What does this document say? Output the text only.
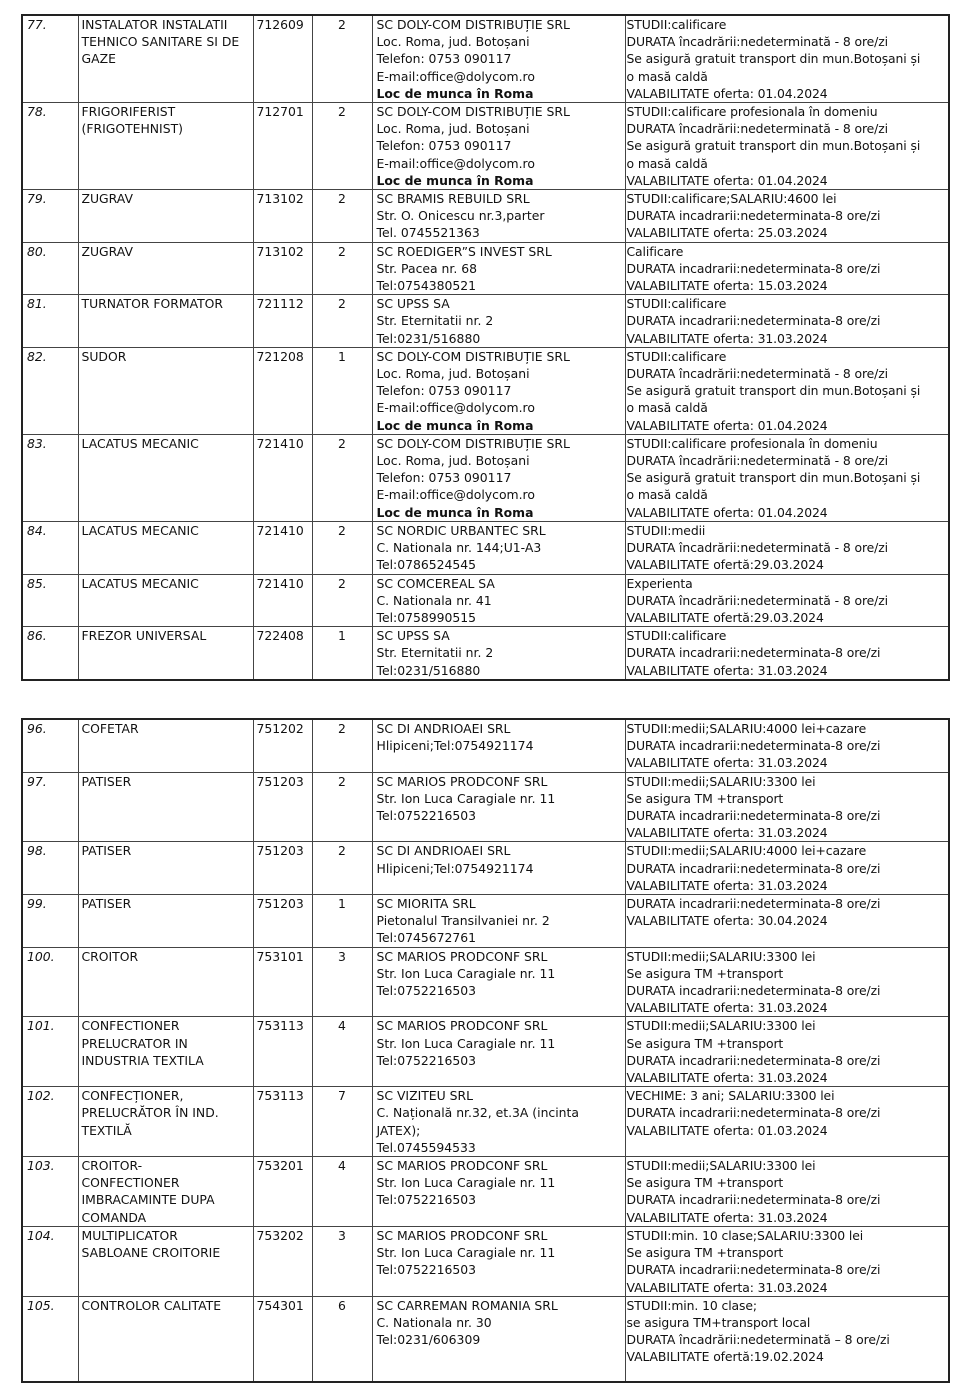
77.	INSTALATOR INSTALATII
TEHNICO SANITARE SI DE
GAZE	712609	2	SC DOLY-COM DISTRIBUȚIE SRL
Loc. Roma, jud. Botoșani
Telefon: 0753 090117
E-mail:office@dolycom.ro
Loc de munca în Roma	STUDII:calificare
DURATA încadrării:nedeterminată - 8 ore/zi
Se asigură gratuit transport din mun.Botoșani și
o masă caldă
VALABILITATE oferta: 01.04.2024

78.	FRIGORIFERIST
(FRIGOTEHNIST)	712701	2	SC DOLY-COM DISTRIBUȚIE SRL
Loc. Roma, jud. Botoșani
Telefon: 0753 090117
E-mail:office@dolycom.ro
Loc de munca în Roma	STUDII:calificare profesionala în domeniu
DURATA încadrării:nedeterminată - 8 ore/zi
Se asigură gratuit transport din mun.Botoșani și
o masă caldă
VALABILITATE oferta: 01.04.2024

79.	ZUGRAV	713102	2	SC BRAMIS REBUILD SRL
Str. O. Onicescu nr.3,parter
Tel. 0745521363	STUDII:calificare;SALARIU:4600 lei
DURATA incadrarii:nedeterminata-8 ore/zi
VALABILITATE oferta: 25.03.2024

80.	ZUGRAV	713102	2	SC ROEDIGER”S INVEST SRL
Str. Pacea nr. 68
Tel:0754380521	Calificare
DURATA incadrarii:nedeterminata-8 ore/zi
VALABILITATE oferta: 15.03.2024

81.	TURNATOR FORMATOR	721112	2	SC UPSS SA
Str. Eternitatii nr. 2
Tel:0231/516880	STUDII:calificare
DURATA incadrarii:nedeterminata-8 ore/zi
VALABILITATE oferta: 31.03.2024

82.	SUDOR	721208	1	SC DOLY-COM DISTRIBUȚIE SRL
Loc. Roma, jud. Botoșani
Telefon: 0753 090117
E-mail:office@dolycom.ro
Loc de munca în Roma	STUDII:calificare
DURATA încadrării:nedeterminată - 8 ore/zi
Se asigură gratuit transport din mun.Botoșani și
o masă caldă
VALABILITATE oferta: 01.04.2024

83.	LACATUS MECANIC	721410	2	SC DOLY-COM DISTRIBUȚIE SRL
Loc. Roma, jud. Botoșani
Telefon: 0753 090117
E-mail:office@dolycom.ro
Loc de munca în Roma	STUDII:calificare profesionala în domeniu
DURATA încadrării:nedeterminată - 8 ore/zi
Se asigură gratuit transport din mun.Botoșani și
o masă caldă
VALABILITATE oferta: 01.04.2024

84.	LACATUS MECANIC	721410	2	SC NORDIC URBANTEC SRL
C. Nationala nr. 144;U1-A3
Tel:0786524545	STUDII:medii
DURATA încadrării:nedeterminată - 8 ore/zi
VALABILITATE ofertă:29.03.2024

85.	LACATUS MECANIC	721410	2	SC COMCEREAL SA
C. Nationala nr. 41
Tel:0758990515	Experienta
DURATA încadrării:nedeterminată - 8 ore/zi
VALABILITATE ofertă:29.03.2024

86.	FREZOR UNIVERSAL	722408	1	SC UPSS SA
Str. Eternitatii nr. 2
Tel:0231/516880	STUDII:calificare
DURATA incadrarii:nedeterminata-8 ore/zi
VALABILITATE oferta: 31.03.2024
96.	COFETAR	751202	2	SC DI ANDRIOAEI SRL
Hlipiceni;Tel:0754921174	STUDII:medii;SALARIU:4000 lei+cazare
DURATA incadrarii:nedeterminata-8 ore/zi
VALABILITATE oferta: 31.03.2024

97.	PATISER	751203	2	SC MARIOS PRODCONF SRL
Str. Ion Luca Caragiale nr. 11
Tel:0752216503	STUDII:medii;SALARIU:3300 lei
Se asigura TM +transport
DURATA incadrarii:nedeterminata-8 ore/zi
VALABILITATE oferta: 31.03.2024

98.	PATISER	751203	2	SC DI ANDRIOAEI SRL
Hlipiceni;Tel:0754921174	STUDII:medii;SALARIU:4000 lei+cazare
DURATA incadrarii:nedeterminata-8 ore/zi
VALABILITATE oferta: 31.03.2024

99.	PATISER	751203	1	SC MIORITA SRL
Pietonalul Transilvaniei nr. 2
Tel:0745672761	DURATA incadrarii:nedeterminata-8 ore/zi
VALABILITATE oferta: 30.04.2024

100.	CROITOR	753101	3	SC MARIOS PRODCONF SRL
Str. Ion Luca Caragiale nr. 11
Tel:0752216503	STUDII:medii;SALARIU:3300 lei
Se asigura TM +transport
DURATA incadrarii:nedeterminata-8 ore/zi
VALABILITATE oferta: 31.03.2024

101.	CONFECTIONER
PRELUCRATOR IN
INDUSTRIA TEXTILA	753113	4	SC MARIOS PRODCONF SRL
Str. Ion Luca Caragiale nr. 11
Tel:0752216503	STUDII:medii;SALARIU:3300 lei
Se asigura TM +transport
DURATA incadrarii:nedeterminata-8 ore/zi
VALABILITATE oferta: 31.03.2024

102.	CONFECȚIONER,
PRELUCRĂTOR ÎN IND.
TEXTILĂ	753113	7	SC VIZITEU SRL
C. Națională nr.32, et.3A (incinta
JATEX);
Tel.0745594533	VECHIME: 3 ani; SALARIU:3300 lei
DURATA incadrarii:nedeterminata-8 ore/zi
VALABILITATE oferta: 01.03.2024

103.	CROITOR-
CONFECTIONER
IMBRACAMINTE DUPA
COMANDA	753201	4	SC MARIOS PRODCONF SRL
Str. Ion Luca Caragiale nr. 11
Tel:0752216503	STUDII:medii;SALARIU:3300 lei
Se asigura TM +transport
DURATA incadrarii:nedeterminata-8 ore/zi
VALABILITATE oferta: 31.03.2024

104.	MULTIPLICATOR
SABLOANE CROITORIE	753202	3	SC MARIOS PRODCONF SRL
Str. Ion Luca Caragiale nr. 11
Tel:0752216503	STUDII:min. 10 clase;SALARIU:3300 lei
Se asigura TM +transport
DURATA incadrarii:nedeterminata-8 ore/zi
VALABILITATE oferta: 31.03.2024

105.	CONTROLOR CALITATE	754301	6	SC CARREMAN ROMANIA SRL
C. Nationala nr. 30
Tel:0231/606309	STUDII:min. 10 clase;
se asigura TM+transport local
DURATA încadrării:nedeterminată – 8 ore/zi
VALABILITATE ofertă:19.02.2024
